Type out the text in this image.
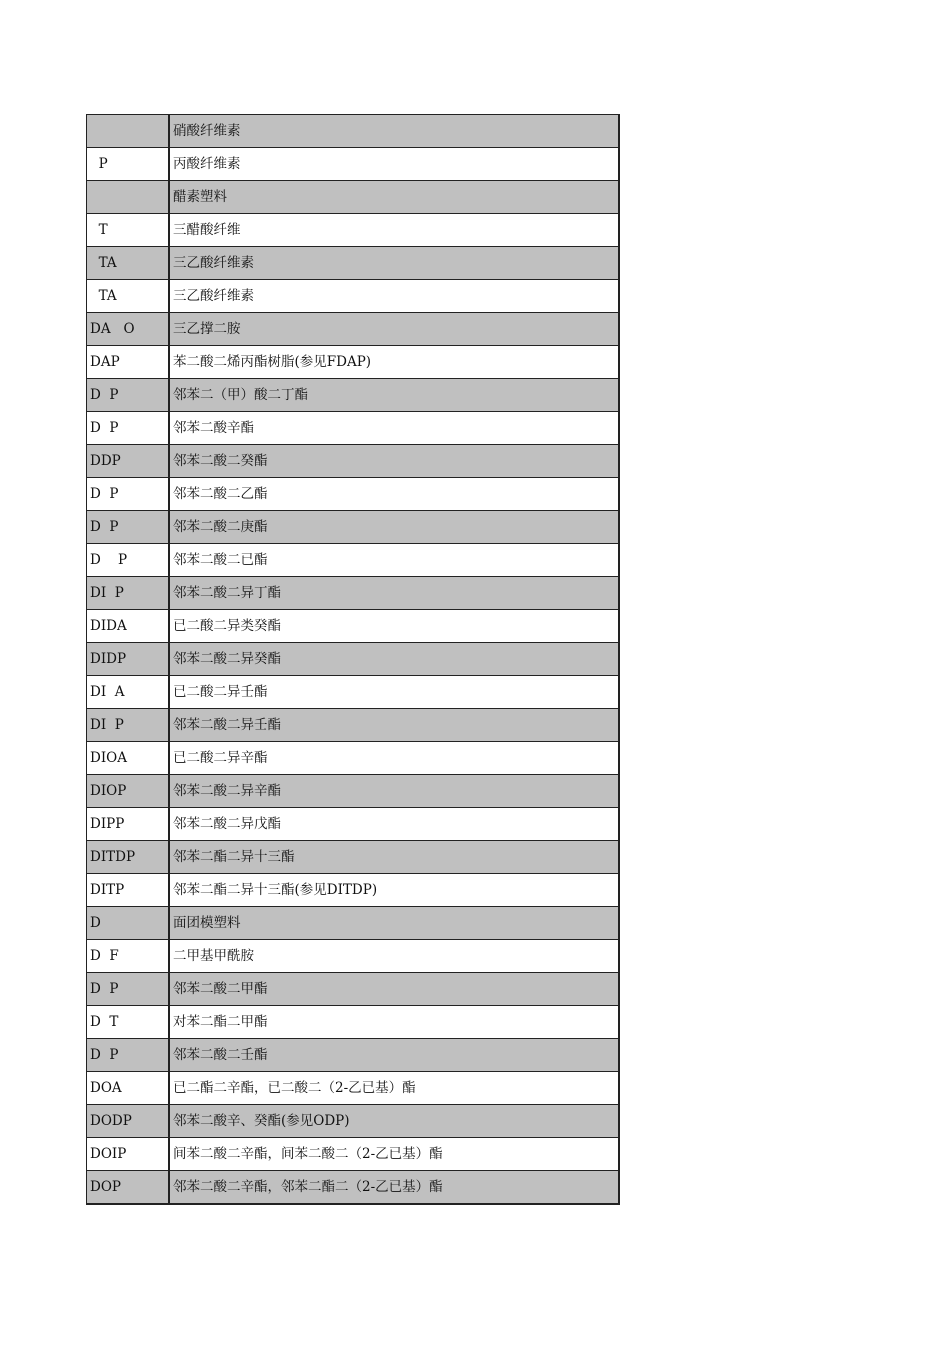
	硝酸纤维素
P	丙酸纤维素
	醋素塑料
T	三醋酸纤维
TA	三乙酸纤维素
TA	三乙酸纤维素
DA   O	三乙撑二胺
DAP	苯二酸二烯丙酯树脂(参见FDAP)
D  P	邻苯二（甲）酸二丁酯
D  P	邻苯二酸辛酯
DDP	邻苯二酸二癸酯
D  P	邻苯二酸二乙酯
D  P	邻苯二酸二庚酯
D    P	邻苯二酸二已酯
DI  P	邻苯二酸二异丁酯
DIDA	已二酸二异类癸酯
DIDP	邻苯二酸二异癸酯
DI  A	已二酸二异壬酯
DI  P	邻苯二酸二异壬酯
DIOA	已二酸二异辛酯
DIOP	邻苯二酸二异辛酯
DIPP	邻苯二酸二异戊酯
DITDP	邻苯二酯二异十三酯
DITP	邻苯二酯二异十三酯(参见DITDP)
D	面团模塑料
D  F	二甲基甲酰胺
D  P	邻苯二酸二甲酯
D  T	对苯二酯二甲酯
D  P	邻苯二酸二壬酯
DOA	已二酯二辛酯，已二酸二（2-乙已基）酯
DODP	邻苯二酸辛、癸酯(参见ODP)
DOIP	间苯二酸二辛酯，间苯二酸二（2-乙已基）酯
DOP	邻苯二酸二辛酯，邻苯二酯二（2-乙已基）酯
